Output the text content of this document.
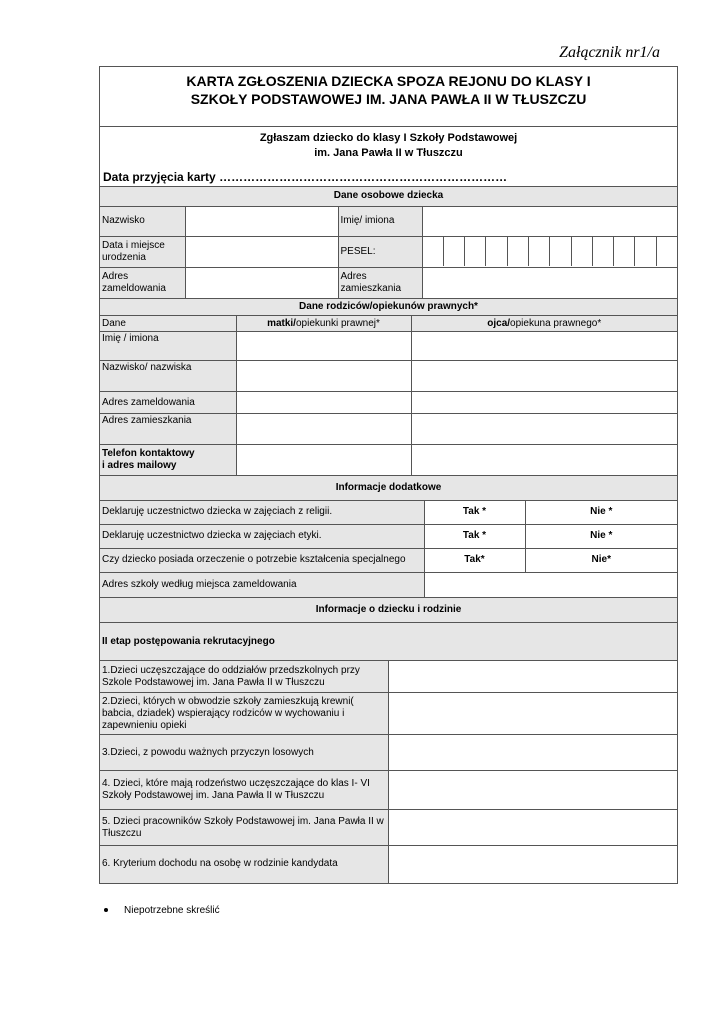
Załącznik nr1/a
KARTA ZGŁOSZENIA DZIECKA SPOZA REJONU DO KLASY I
SZKOŁY PODSTAWOWEJ IM. JANA PAWŁA II W TŁUSZCZU
Zgłaszam dziecko do klasy I Szkoły Podstawowej
im. Jana Pawła II w Tłuszczu
Data przyjęcia karty ………………………………………………………………
Dane osobowe dziecka			
Nazwisko		Imię/ imiona	
Data i miejsce urodzenia		PESEL:	

Adres zameldowania		Adres zamieszkania	
Dane rodziców/opiekunów prawnych*		
Dane	matki/opiekunki prawnej*	ojca/opiekuna prawnego*
Imię / imiona		
Nazwisko/ nazwiska		
Adres zameldowania		
Adres zamieszkania		

Telefon kontaktowy
i adres mailowy		

Informacje dodatkowe		
Deklaruję uczestnictwo dziecka w zajęciach z religii.	Tak *	Nie *
Deklaruję uczestnictwo dziecka w zajęciach etyki.	Tak *	Nie *
Czy dziecko posiada orzeczenie o potrzebie kształcenia specjalnego	Tak*	Nie*
Adres szkoły według miejsca zameldowania		
Informacje o dziecku i rodzinie	
II etap postępowania rekrutacyjnego	
1.Dzieci uczęszczające do oddziałów przedszkolnych przy Szkole Podstawowej im. Jana Pawła II w Tłuszczu	
2.Dzieci, których w obwodzie szkoły zamieszkują krewni( babcia, dziadek) wspierający rodziców w wychowaniu i zapewnieniu opieki	
3.Dzieci, z powodu ważnych przyczyn losowych	
4. Dzieci, które mają rodzeństwo uczęszczające do klas I- VI Szkoły Podstawowej im. Jana Pawła II w Tłuszczu	
5. Dzieci pracowników Szkoły Podstawowej im. Jana Pawła II w Tłuszczu	
6. Kryterium dochodu na osobę w rodzinie kandydata	
Niepotrzebne skreślić
